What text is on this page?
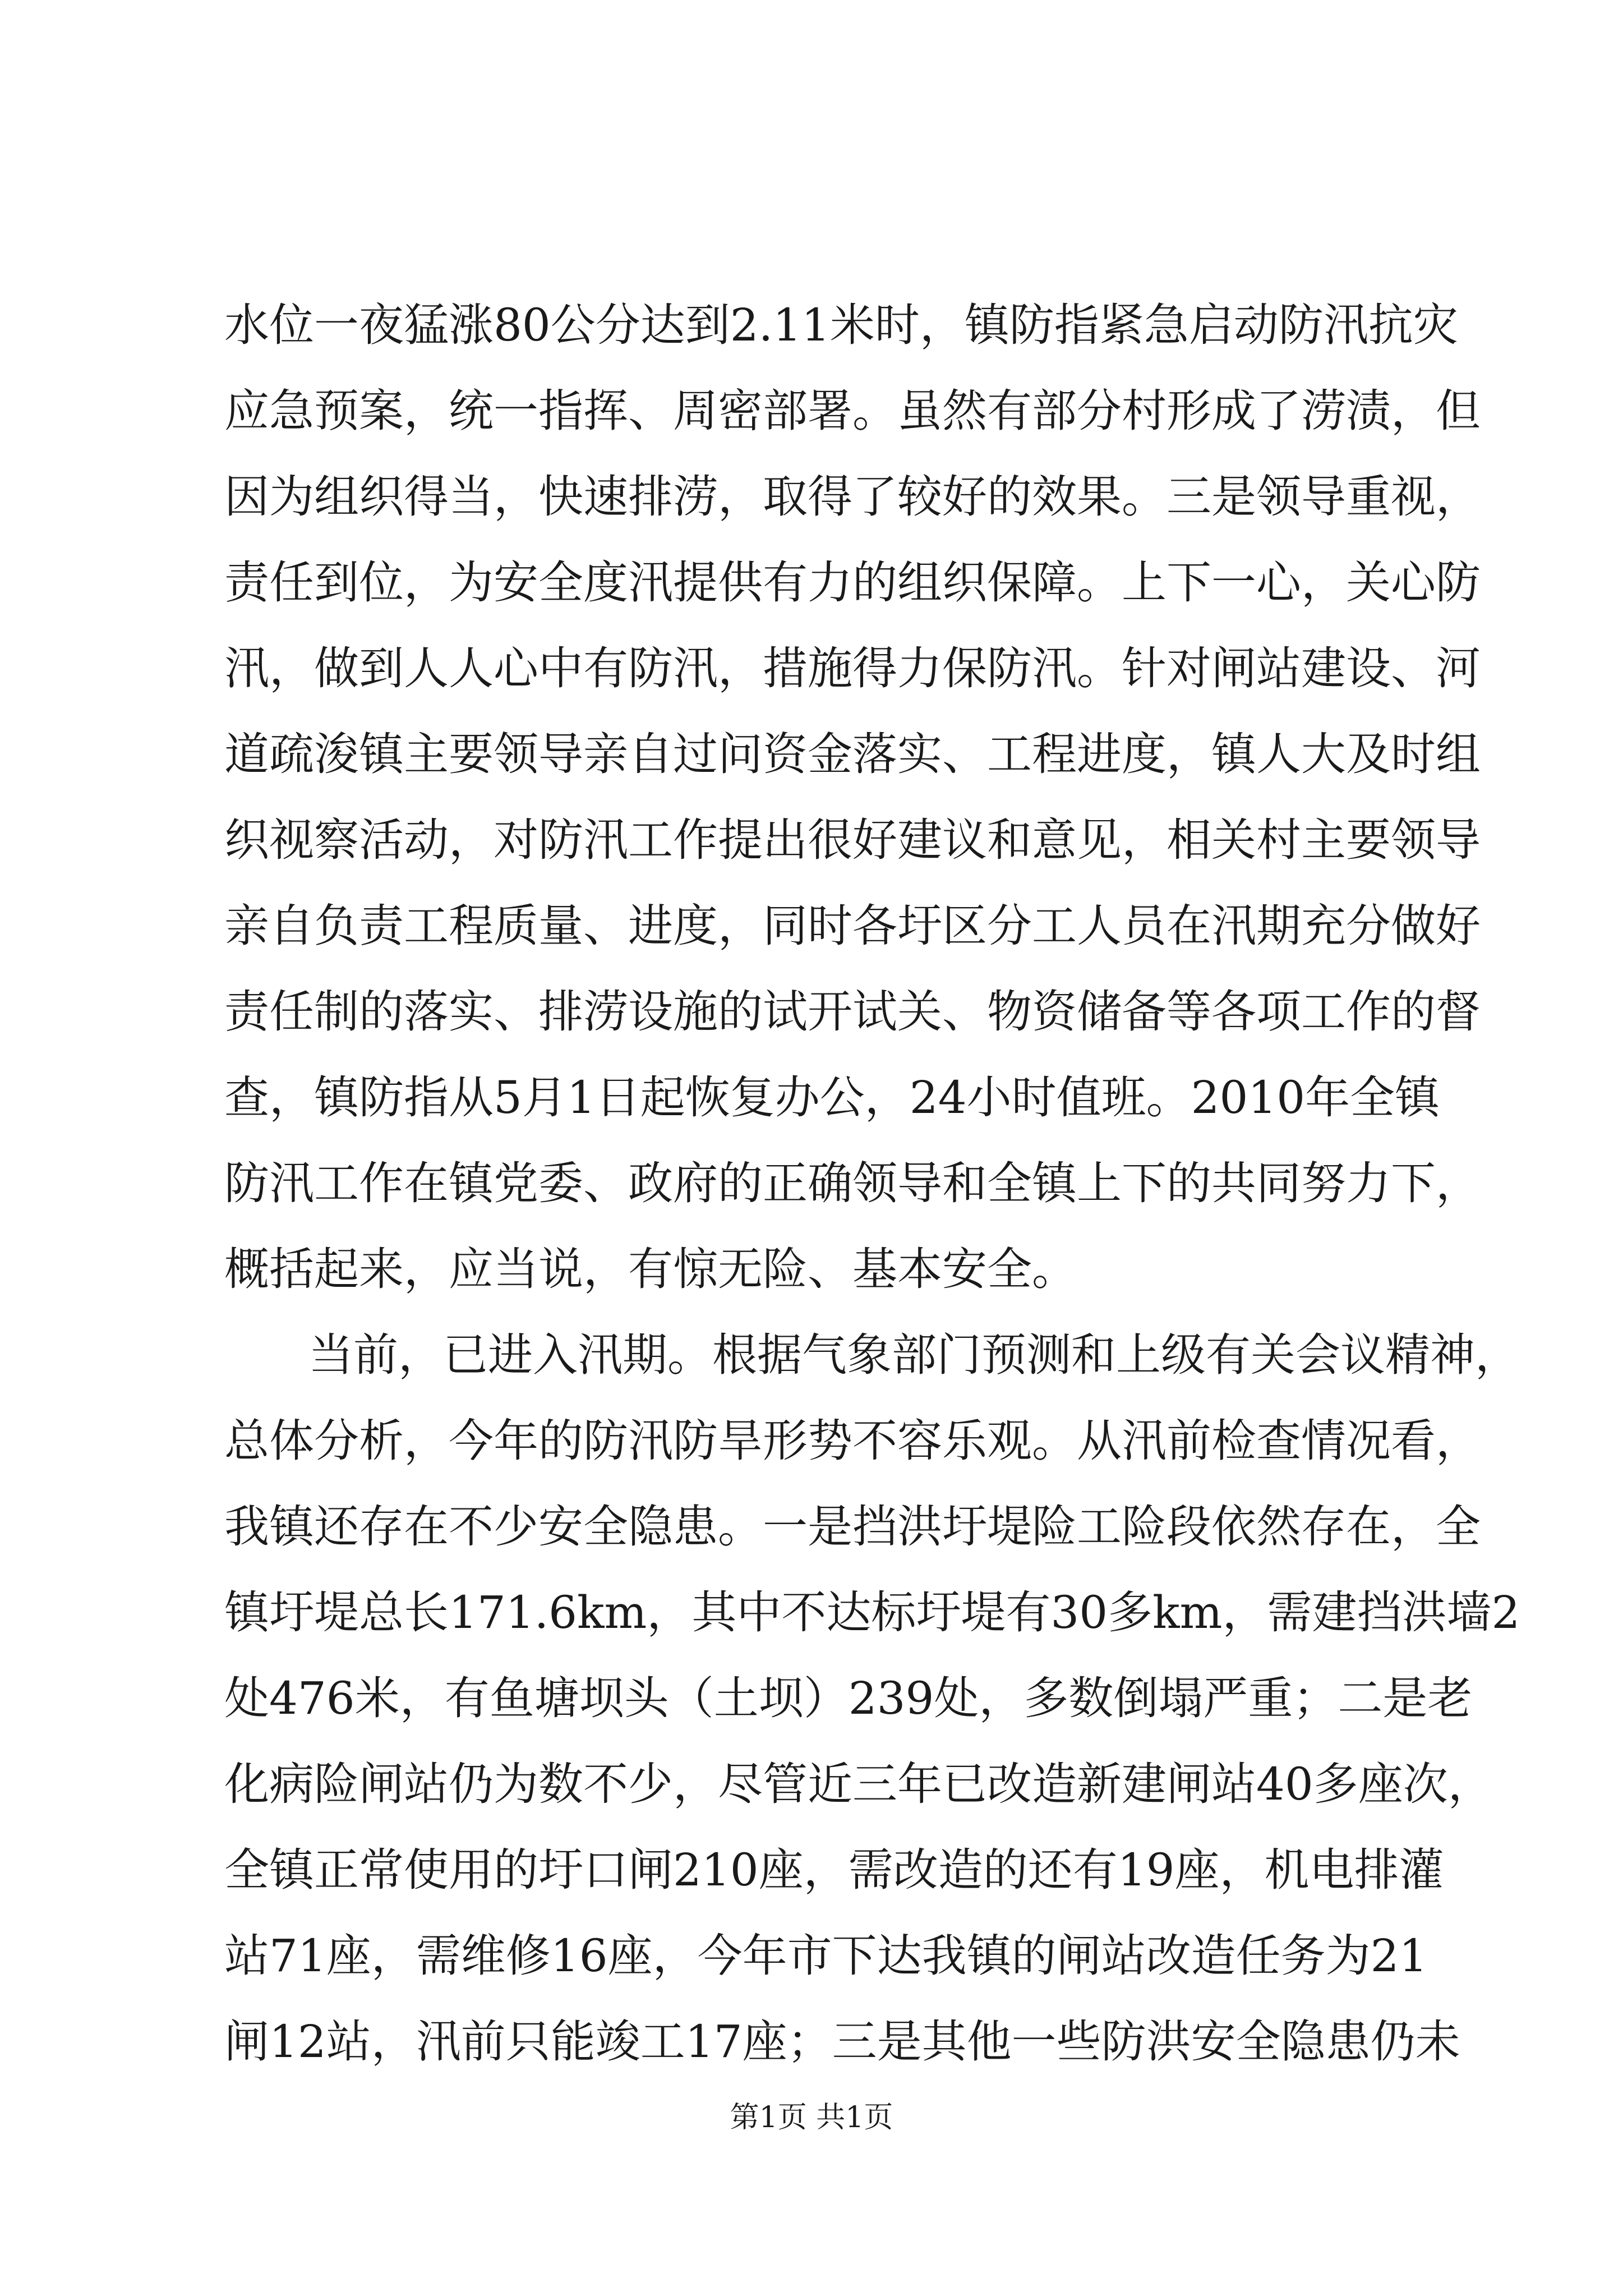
水位一夜猛涨80公分达到2.11米时，镇防指紧急启动防汛抗灾
应急预案，统一指挥、周密部署。虽然有部分村形成了涝渍，但
因为组织得当，快速排涝，取得了较好的效果。三是领导重视，
责任到位，为安全度汛提供有力的组织保障。上下一心，关心防
汛，做到人人心中有防汛，措施得力保防汛。针对闸站建设、河
道疏浚镇主要领导亲自过问资金落实、工程进度，镇人大及时组
织视察活动，对防汛工作提出很好建议和意见，相关村主要领导
亲自负责工程质量、进度，同时各圩区分工人员在汛期充分做好
责任制的落实、排涝设施的试开试关、物资储备等各项工作的督
查，镇防指从5月1日起恢复办公，24小时值班。2010年全镇
防汛工作在镇党委、政府的正确领导和全镇上下的共同努力下，
概括起来，应当说，有惊无险、基本安全。
当前，已进入汛期。根据气象部门预测和上级有关会议精神，
总体分析，今年的防汛防旱形势不容乐观。从汛前检查情况看，
我镇还存在不少安全隐患。一是挡洪圩堤险工险段依然存在，全
镇圩堤总长171.6km，其中不达标圩堤有30多km，需建挡洪墙2
处476米，有鱼塘坝头（土坝）239处，多数倒塌严重；二是老
化病险闸站仍为数不少，尽管近三年已改造新建闸站40多座次，
全镇正常使用的圩口闸210座，需改造的还有19座，机电排灌
站71座，需维修16座，今年市下达我镇的闸站改造任务为21
闸12站，汛前只能竣工17座；三是其他一些防洪安全隐患仍未
第1页 共1页
